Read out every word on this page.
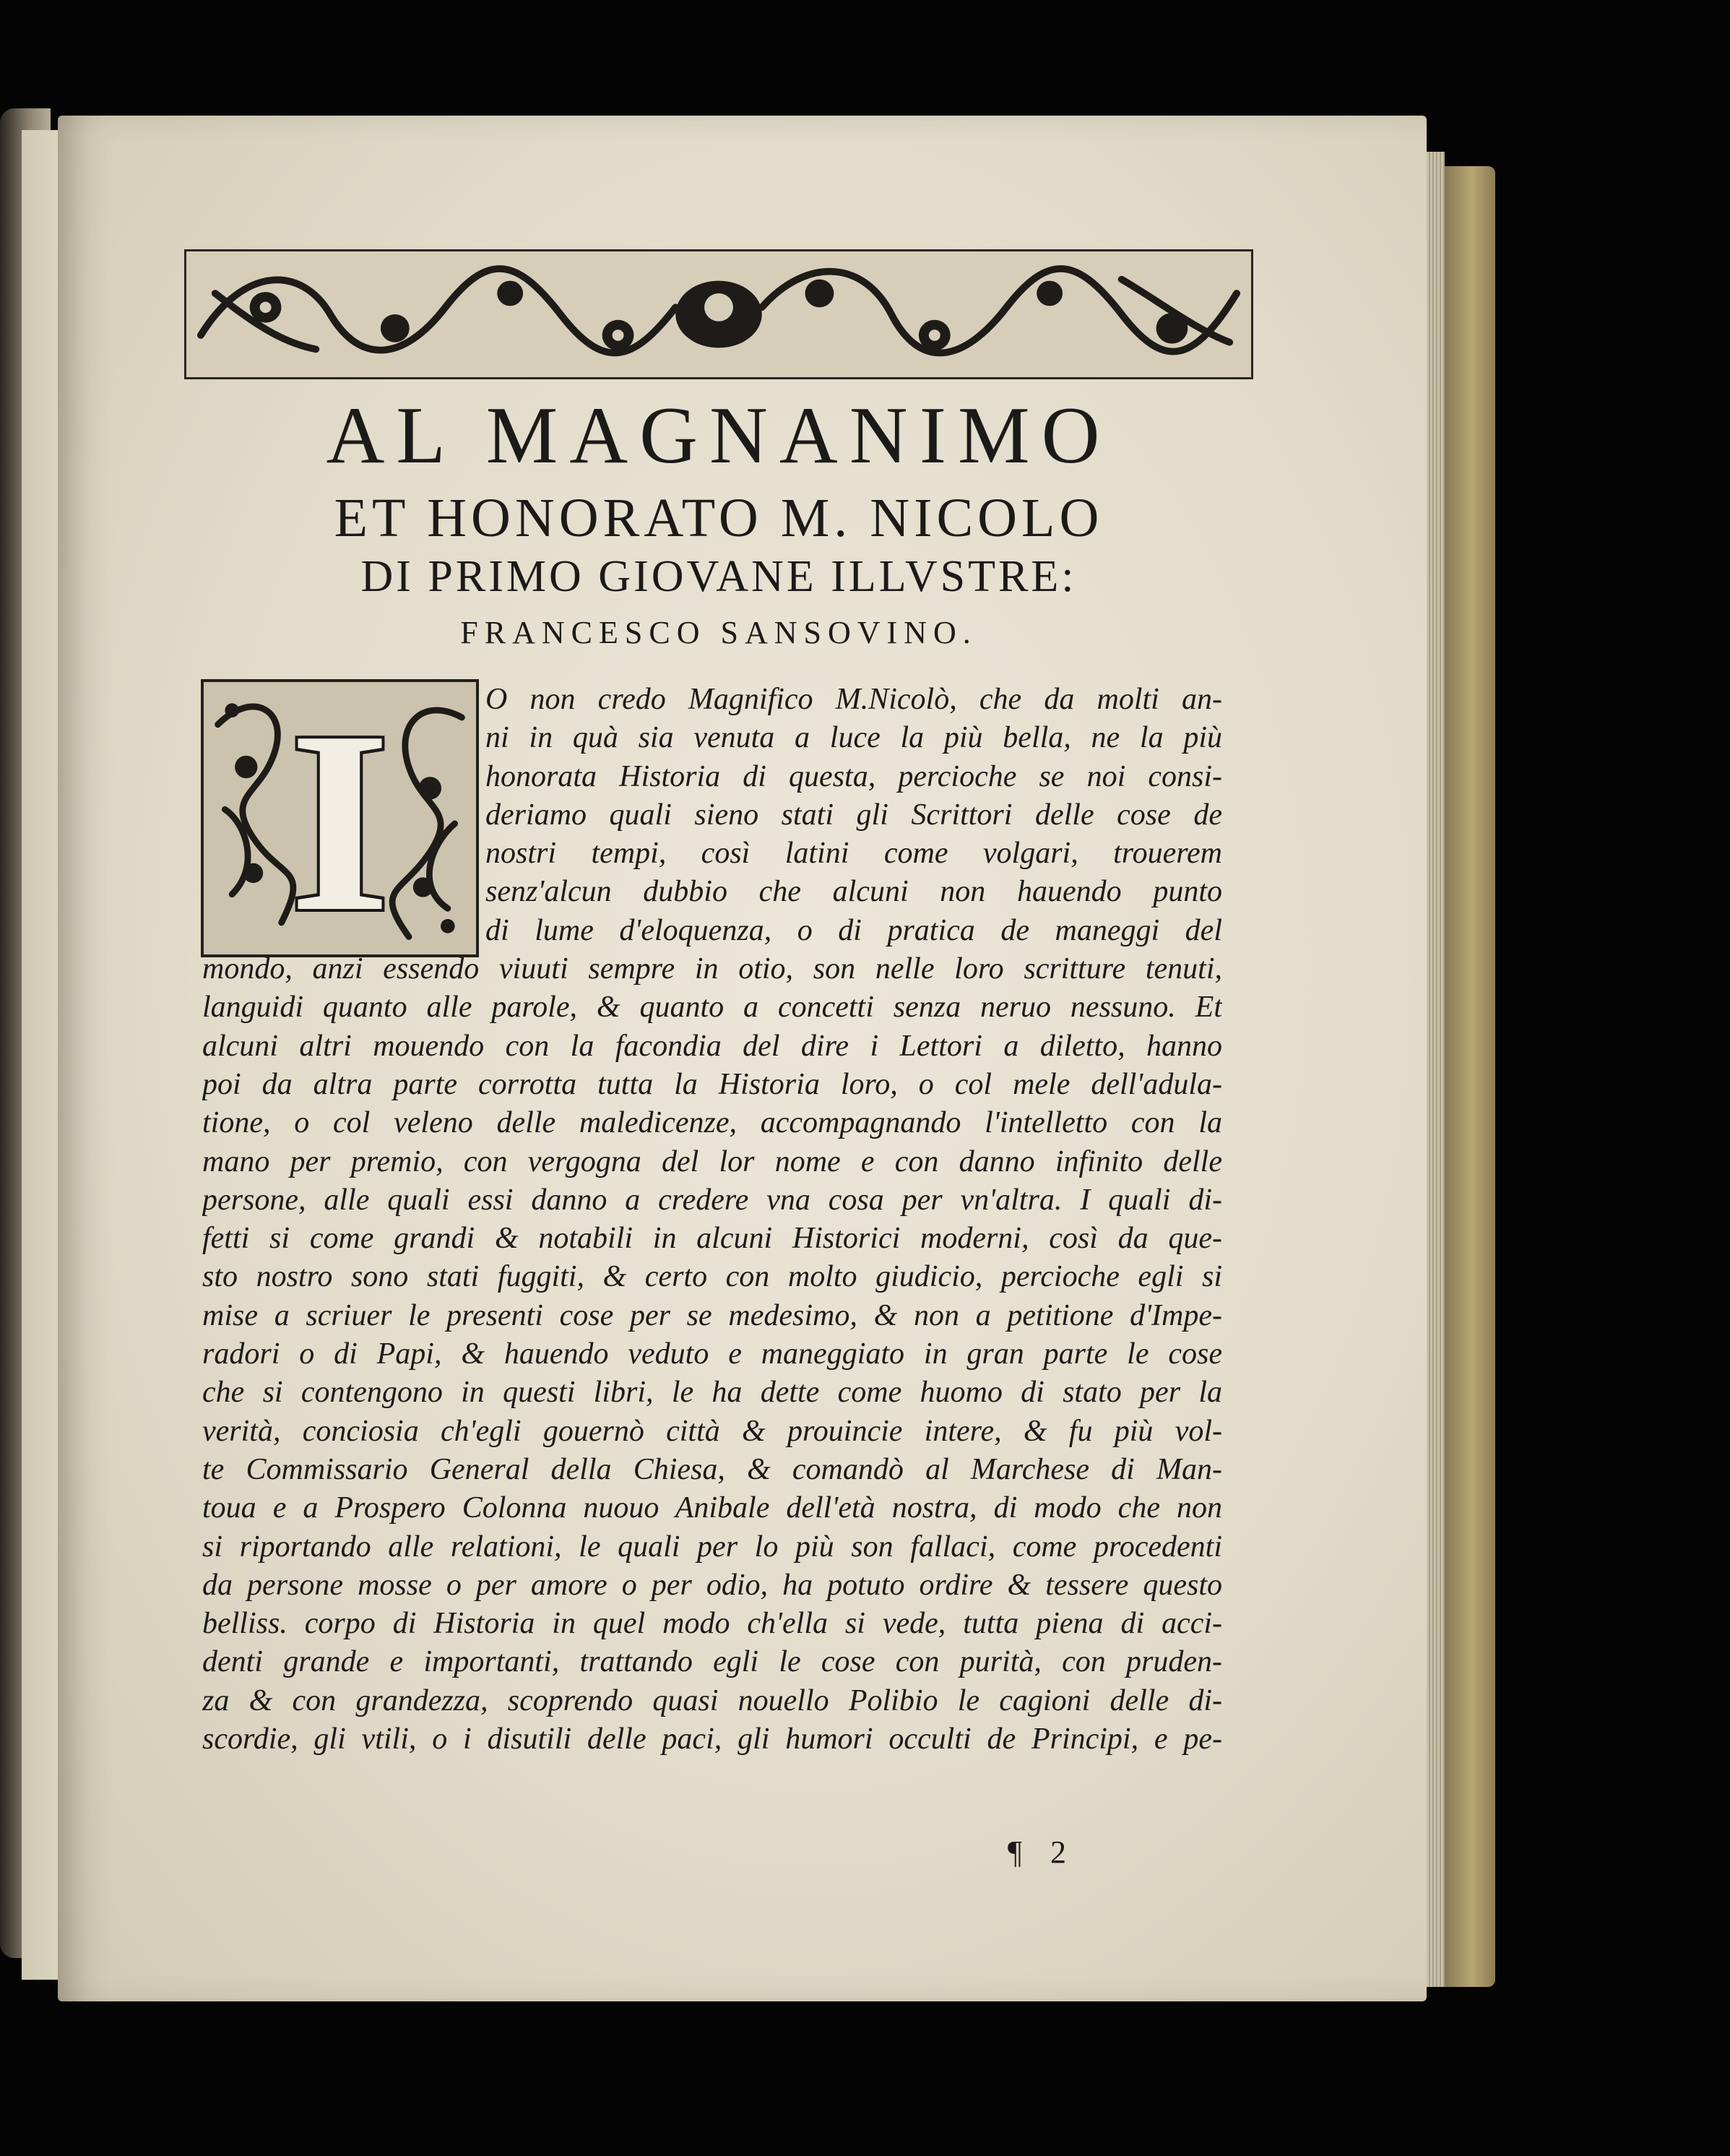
AL MAGNANIMO
ET HONORATO M. NICOLO
DI PRIMO GIOVANE ILLVSTRE:
FRANCESCO SANSOVINO.
I	O non credo Magnifico M.Nicolò, che da molti an-
ni in quà sia venuta a luce la più bella, ne la più
honorata Historia di questa, percioche se noi consi-
deriamo quali sieno stati gli Scrittori delle cose de
nostri tempi, così latini come volgari, trouerem
senz'alcun dubbio che alcuni non hauendo punto
di lume d'eloquenza, o di pratica de maneggi del
mondo, anzi essendo viuuti sempre in otio, son nelle loro scritture tenuti,
languidi quanto alle parole, & quanto a concetti senza neruo nessuno. Et
alcuni altri mouendo con la facondia del dire i Lettori a diletto, hanno
poi da altra parte corrotta tutta la Historia loro, o col mele dell'adula-
tione, o col veleno delle maledicenze, accompagnando l'intelletto con la
mano per premio, con vergogna del lor nome e con danno infinito delle
persone, alle quali essi danno a credere vna cosa per vn'altra. I quali di-
fetti si come grandi & notabili in alcuni Historici moderni, così da que-
sto nostro sono stati fuggiti, & certo con molto giudicio, percioche egli si
mise a scriuer le presenti cose per se medesimo, & non a petitione d'Impe-
radori o di Papi, & hauendo veduto e maneggiato in gran parte le cose
che si contengono in questi libri, le ha dette come huomo di stato per la
verità, conciosia ch'egli gouernò città & prouincie intere, & fu più vol-
te Commissario General della Chiesa, & comandò al Marchese di Man-
toua e a Prospero Colonna nuouo Anibale dell'età nostra, di modo che non
si riportando alle relationi, le quali per lo più son fallaci, come procedenti
da persone mosse o per amore o per odio, ha potuto ordire & tessere questo
belliss. corpo di Historia in quel modo ch'ella si vede, tutta piena di acci-
denti grande e importanti, trattando egli le cose con purità, con pruden-
za & con grandezza, scoprendo quasi nouello Polibio le cagioni delle di-
scordie, gli vtili, o i disutili delle paci, gli humori occulti de Principi, e pe-
¶ 2
